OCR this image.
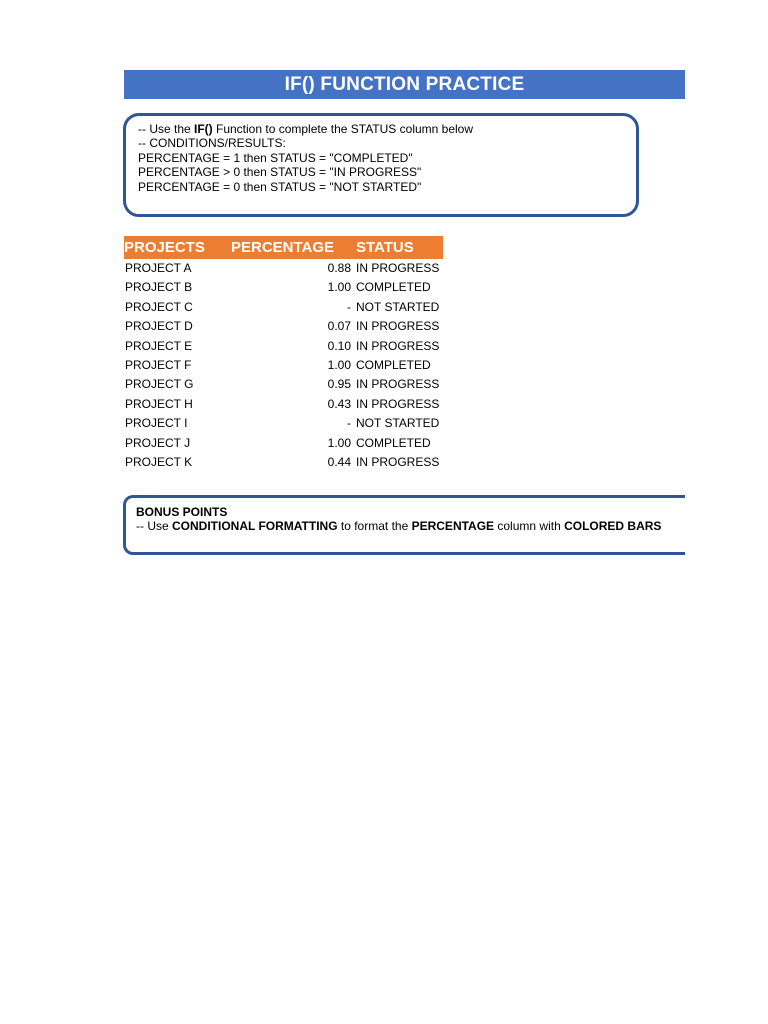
IF() FUNCTION PRACTICE
-- Use the IF() Function to complete the STATUS column below
-- CONDITIONS/RESULTS:
PERCENTAGE = 1 then STATUS = "COMPLETED"
PERCENTAGE > 0 then STATUS = "IN PROGRESS"
PERCENTAGE = 0 then STATUS = "NOT STARTED"
PROJECTS PERCENTAGE STATUS
PROJECT A	0.88 IN PROGRESS
PROJECT B	1.00 COMPLETED
PROJECT C	- NOT STARTED
PROJECT D	0.07 IN PROGRESS
PROJECT E	0.10 IN PROGRESS
PROJECT F	1.00 COMPLETED
PROJECT G	0.95 IN PROGRESS
PROJECT H	0.43 IN PROGRESS
PROJECT I	- NOT STARTED
PROJECT J	1.00 COMPLETED
PROJECT K	0.44 IN PROGRESS
BONUS POINTS
-- Use CONDITIONAL FORMATTING to format the PERCENTAGE column with COLORED BARS
